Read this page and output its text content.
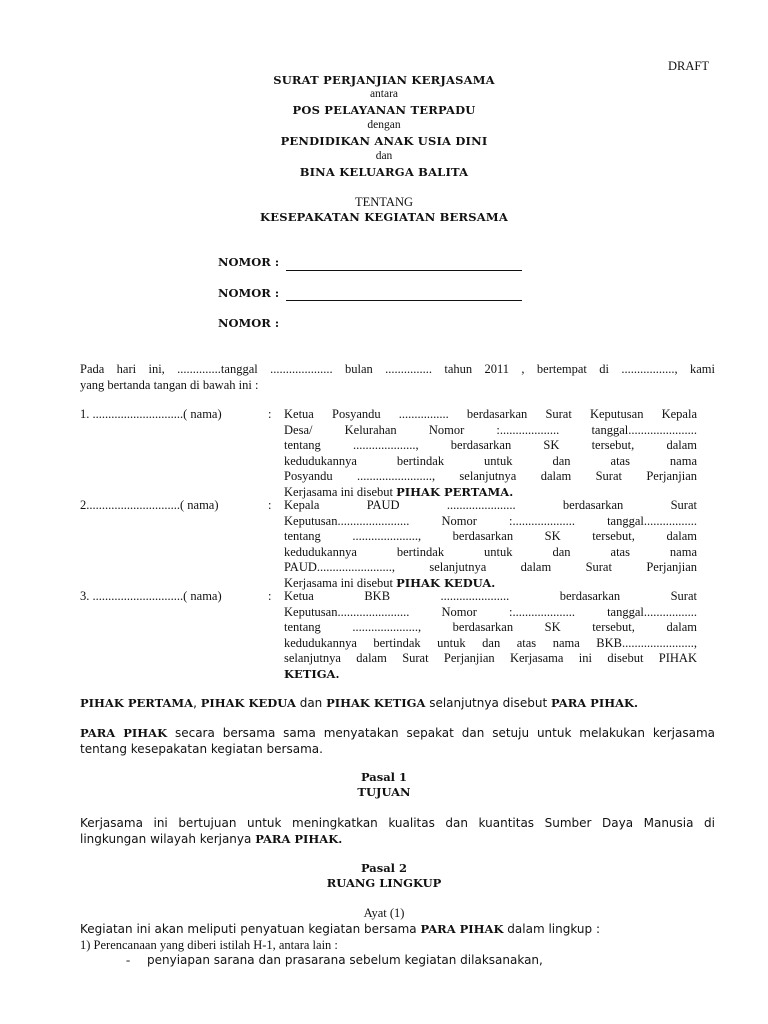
DRAFT
SURAT PERJANJIAN KERJASAMA
antara
POS PELAYANAN TERPADU
dengan
PENDIDIKAN ANAK USIA DINI
dan
BINA KELUARGA BALITA
TENTANG
KESEPAKATAN KEGIATAN BERSAMA
NOMOR :
NOMOR :
NOMOR :
Pada hari ini, ..............tanggal .................... bulan ............... tahun 2011 , bertempat di ................., kami
yang bertanda tangan di bawah ini :
1. .............................( nama)	: Ketua Posyandu ................ berdasarkan Surat Keputusan Kepala
Desa/ Kelurahan Nomor :................... tanggal......................
tentang ...................., berdasarkan SK tersebut, dalam
kedudukannya bertindak untuk dan atas nama
Posyandu ........................, selanjutnya dalam Surat Perjanjian

Kerjasama ini disebut PIHAK PERTAMA.

2..............................( nama)	: Kepala PAUD ...................... berdasarkan Surat
Keputusan....................... Nomor :.................... tanggal.................
tentang ....................., berdasarkan SK tersebut, dalam
kedudukannya bertindak untuk dan atas nama
PAUD........................, selanjutnya dalam Surat Perjanjian

Kerjasama ini disebut PIHAK KEDUA.

3. .............................( nama)	: Ketua BKB ...................... berdasarkan Surat
Keputusan....................... Nomor :.................... tanggal.................
tentang ....................., berdasarkan SK tersebut, dalam
kedudukannya bertindak untuk dan atas nama BKB.......................,
selanjutnya dalam Surat Perjanjian Kerjasama ini disebut PIHAK

KETIGA.

PIHAK PERTAMA, PIHAK KEDUA dan PIHAK KETIGA selanjutnya disebut PARA PIHAK.
PARA PIHAK secara bersama sama menyatakan sepakat dan setuju untuk melakukan kerjasama
tentang kesepakatan kegiatan bersama.
Pasal 1
TUJUAN
Kerjasama ini bertujuan untuk meningkatkan kualitas dan kuantitas Sumber Daya Manusia di
lingkungan wilayah kerjanya PARA PIHAK.
Pasal 2
RUANG LINGKUP
Ayat (1)
Kegiatan ini akan meliputi penyatuan kegiatan bersama PARA PIHAK dalam lingkup :
1) Perencanaan yang diberi istilah H-1, antara lain :
- penyiapan sarana dan prasarana sebelum kegiatan dilaksanakan,
